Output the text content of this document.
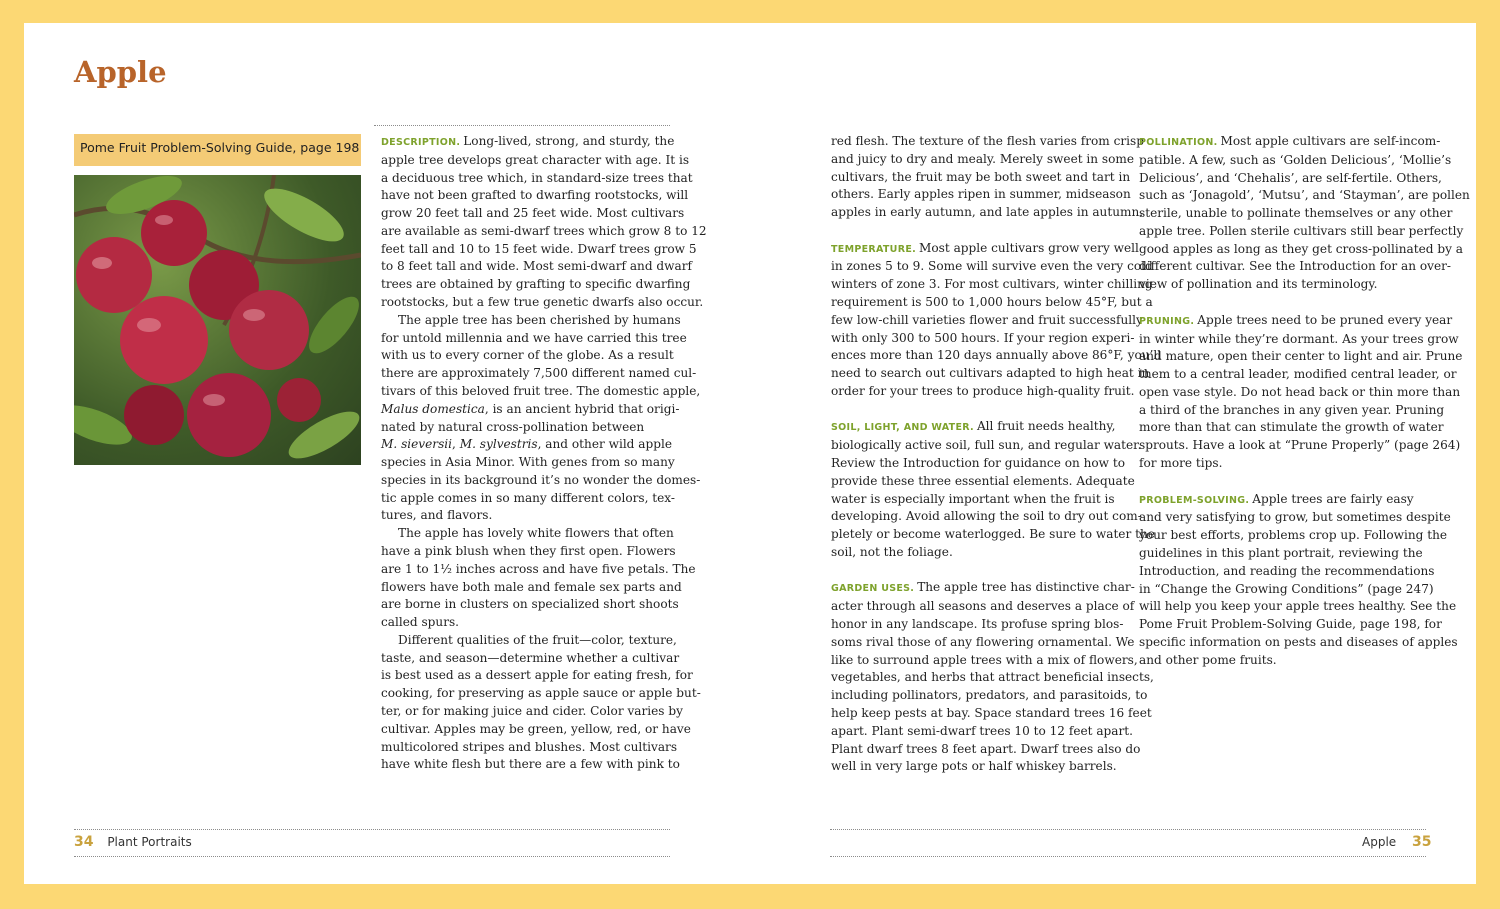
Apple
Pome Fruit Problem-Solving Guide, page 198 DESCRIPTION. Long-lived, strong, and sturdy, the

apple tree develops great character with age. It is

a deciduous tree which, in standard-size trees that

have not been grafted to dwarfing rootstocks, will

grow 20 feet tall and 25 feet wide. Most cultivars

are available as semi-dwarf trees which grow 8 to 12

feet tall and 10 to 15 feet wide. Dwarf trees grow 5

to 8 feet tall and wide. Most semi-dwarf and dwarf

trees are obtained by grafting to specific dwarfing

rootstocks, but a few true genetic dwarfs also occur.

The apple tree has been cherished by humans

for untold millennia and we have carried this tree

with us to every corner of the globe. As a result

there are approximately 7,500 different named cul-

tivars of this beloved fruit tree. The domestic apple,

Malus domestica, is an ancient hybrid that origi-

nated by natural cross-pollination between

M. sieversii, M. sylvestris, and other wild apple

species in Asia Minor. With genes from so many

species in its background it’s no wonder the domes-

tic apple comes in so many different colors, tex-

tures, and flavors.

The apple has lovely white flowers that often

have a pink blush when they first open. Flowers

are 1 to 1½ inches across and have five petals. The

flowers have both male and female sex parts and

are borne in clusters on specialized short shoots

called spurs.

Different qualities of the fruit—color, texture,

taste, and season—determine whether a cultivar

is best used as a dessert apple for eating fresh, for

cooking, for preserving as apple sauce or apple but-

ter, or for making juice and cider. Color varies by

cultivar. Apples may be green, yellow, red, or have

multicolored stripes and blushes. Most cultivars

have white flesh but there are a few with pink to

red flesh. The texture of the flesh varies from crisp

and juicy to dry and mealy. Merely sweet in some

cultivars, the fruit may be both sweet and tart in

others. Early apples ripen in summer, midseason

apples in early autumn, and late apples in autumn.

TEMPERATURE. Most apple cultivars grow very well

in zones 5 to 9. Some will survive even the very cold

winters of zone 3. For most cultivars, winter chilling

requirement is 500 to 1,000 hours below 45°F, but a

few low-chill varieties flower and fruit successfully

with only 300 to 500 hours. If your region experi-

ences more than 120 days annually above 86°F, you’ll

need to search out cultivars adapted to high heat in

order for your trees to produce high-quality fruit.

SOIL, LIGHT, AND WATER. All fruit needs healthy,

biologically active soil, full sun, and regular water.

Review the Introduction for guidance on how to

provide these three essential elements. Adequate

water is especially important when the fruit is

developing. Avoid allowing the soil to dry out com-

pletely or become waterlogged. Be sure to water the

soil, not the foliage.

GARDEN USES. The apple tree has distinctive char-

acter through all seasons and deserves a place of

honor in any landscape. Its profuse spring blos-

soms rival those of any flowering ornamental. We

like to surround apple trees with a mix of flowers,

vegetables, and herbs that attract beneficial insects,

including pollinators, predators, and parasitoids, to

help keep pests at bay. Space standard trees 16 feet

apart. Plant semi-dwarf trees 10 to 12 feet apart.

Plant dwarf trees 8 feet apart. Dwarf trees also do

well in very large pots or half whiskey barrels.

POLLINATION. Most apple cultivars are self-incom-

patible. A few, such as ‘Golden Delicious’, ‘Mollie’s

Delicious’, and ‘Chehalis’, are self-fertile. Others,

such as ‘Jonagold’, ‘Mutsu’, and ‘Stayman’, are pollen

sterile, unable to pollinate themselves or any other

apple tree. Pollen sterile cultivars still bear perfectly

good apples as long as they get cross-pollinated by a

different cultivar. See the Introduction for an over-

view of pollination and its terminology.

PRUNING. Apple trees need to be pruned every year

in winter while they’re dormant. As your trees grow

and mature, open their center to light and air. Prune

them to a central leader, modified central leader, or

open vase style. Do not head back or thin more than

a third of the branches in any given year. Pruning

more than that can stimulate the growth of water

sprouts. Have a look at “Prune Properly” (page 264)

for more tips.

PROBLEM-SOLVING. Apple trees are fairly easy

and very satisfying to grow, but sometimes despite

your best efforts, problems crop up. Following the

guidelines in this plant portrait, reviewing the

Introduction, and reading the recommendations

in “Change the Growing Conditions” (page 247)

will help you keep your apple trees healthy. See the

Pome Fruit Problem-Solving Guide, page 198, for

specific information on pests and diseases of apples

and other pome fruits.

34 Plant Portraits	Apple 35
